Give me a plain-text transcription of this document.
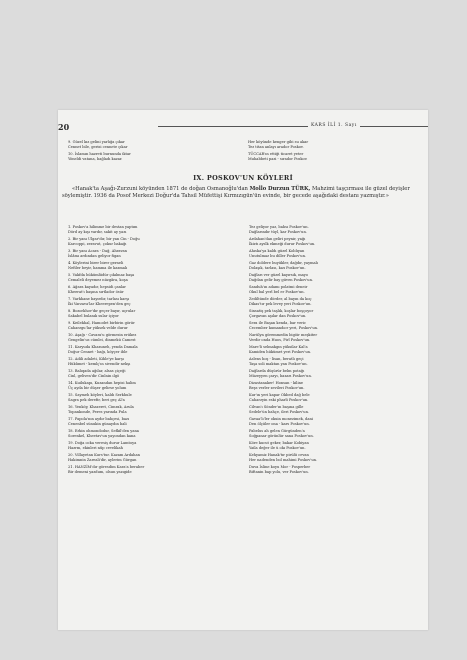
20	KARS İLİ 1. Sayı
9. Güzel kız gelini yarlığa çıkar
Cennet bile, gerisi cennete çıkar
10. İslamın hazreti burnunda iktar
Yöneldi vatana, bağladı kazar.
Her köyünde kenger gibi su akar
Tez titan anlayı arador Poskov.
TÜCCAR'ın ettiği ticaret yeter
Muhabbeti pazi - sırador Poskov.
IX. POSKOV'UN KÖYLERİ
«Hanak'ta Aşağı-Zurzuni köyünden 1871 de doğan Osmanoğlu'dan Mollo Durzun TÜRK, Mahzimi taşçırması ile güzel deyişler söylemiştir. 1936 da Posof Merkezi Doğur'da Tahsil Müfettişi Kırmızıgün'ün evinde, bir gecede aşağıdaki destanı yazmıştır.»
1. Poskov'a hilimme bir destan yaptım
Dörd ay kışı vardır, sakit ay yazı
2. Bir yanı Ulgar'dır, bir yan Cin - Doğu
Karcoppi, zeravut, çokur bakağı
3. Bir yanı Acara - Dağ, Ahravan
İslâmı ardından geliyor figan
4. Köylerini birer birer gerneli
Nefiler beyir, hamma ile kazmalı
5. Vakfda hükümlüdür çıkılmaz başa
Cemaleli deyemez nüzgâra, koşa
6. Ağara kayadır, hepsidi çanlar
Kheerat'ı başına sırtlador ösür
7. Varkhane bayırdır, tarlası karşı
İki Varzava'lar Kheerepen'den geç
8. Bozorkhov'dır geçer bayır, uçrular
Sakabel bulanık sular içiyor
9. Keilekhal, Hamodet birbirin görür
Caharzgu'lar yüksek velde durur
10. Aşağı - Cavara'u görmesin erükez
Gengelin'us cümlei, dinmekü Camest
11. Karyuda Khazuneh, yenda Damala
Doğur Cennet - bağı, köyçer ible
12. Adili adaleti, Kihle'ye karşı
Hükûmet - kemlç'ın sivendir nekşı
13. Balıqada ağılar, alsas çiçeği
Cinl, geliven'dir Cinlnin ılgö
14. Kuilukapı, Kuzandan hepisi halim
Üç ayda bir düşer gelirse yolum
15. Saymeh köyleri, kaldı Serkhule
Sagra pek derefir, beri geç Al'a
16. Yenköy, Khazeret, Cimrak, Arula
Topankonde, Peres yarında Pula
17. Papola'nın aydır bahçesi, bazı
Cenenbel sünukin günaydın bali
18. Erkin ohmondodur, Sefkil'den yana
Sorenkel, Kheetav'un yayondan kana
19. Doğa ocka veresiş durur Lamtoya
Hazrm, ekinleri nûp cevelikah
20. Villayetan Kurs'tur. Kazam Ardahan
Hakimnin Zareali'dir, aylerim Gürgan
21. HANZİM'dır göresdim Kara'a beraber
Bir demeni yazdum, olsun yazıgide
Tez geliyor yaz, bahsı Poskov'un.
Dağlarındır tüyl, kar Poskov'un.
Ardahan'dan geliri peynir, yağı
İkiztı ayslk ekmeği durur Poskov'un.
Ahıska'ya kaldı güzel Koblıyan
Unutulmaz bu diller Poskov'un.
Gaz doldere buyükler, dağdır, yaymalı
Dolaşık, tarlası, kızı Poskov'un.
Dağları ver güzel kayırsık, mayo
Dağdan gelir bay güven Poskov'un.
Sanduh'ın adamı polatmi deneir
Okul bal yerl bel er Poskov'un.
Zediltünde dörder, al bayın da koç
Dikas'tır pek levey yeri Poskov'un.
Sinsatiş pek taşlık, koşlar boşçoyor
Çorgavan aşılar dan Poskov'un.
Sera ile Başan kenda, bar veric
Cecember kumandıcr yeri, Poskov'un.
Narülyn göremmedin bigöir meşkiter
Verdir onda Huos, Pirl Poskov'un.
Mare'li selmakgın yüksilar Kal'a
Kamiden hükümet yeri Poskov'un.
Aslens hoş - lisan, beratlı geçi
Taşa soli maktan yan Poskov'un.
Dağlarda düşürür belm potağı
Müzeyyen çaryı, bazarı Poskov'un.
Dizastanaker! Honsan - kiline
Beşs verler zevileri Poskov'un.
Kur'ın yeri kapar Okbed dağ bele
Caharzyin eski pharli Poskov'un.
Cilvan'ı Sönder'ın başına gille
Sedele'ün bahçe, ileri Poskov'un.
Gavaa'lı'ler okuin monezimek, dani
Den ölçüler ona - kars Poskov'un.
Pabelus ah gelen Gürgünden'a
Soğpanar görünlür sana Poskov'un.
Köre kucut geker, bakar Kobiyan
Yaila değer ile ü okı Poskov'un.
Kehyamiz Hanak'tır pirülü cevan
Her nadenden bol mahimi Poskov'un.
Duva İsline koyu Mor - Posperber
Biftanin bap yolu, ver Poskov'un.
